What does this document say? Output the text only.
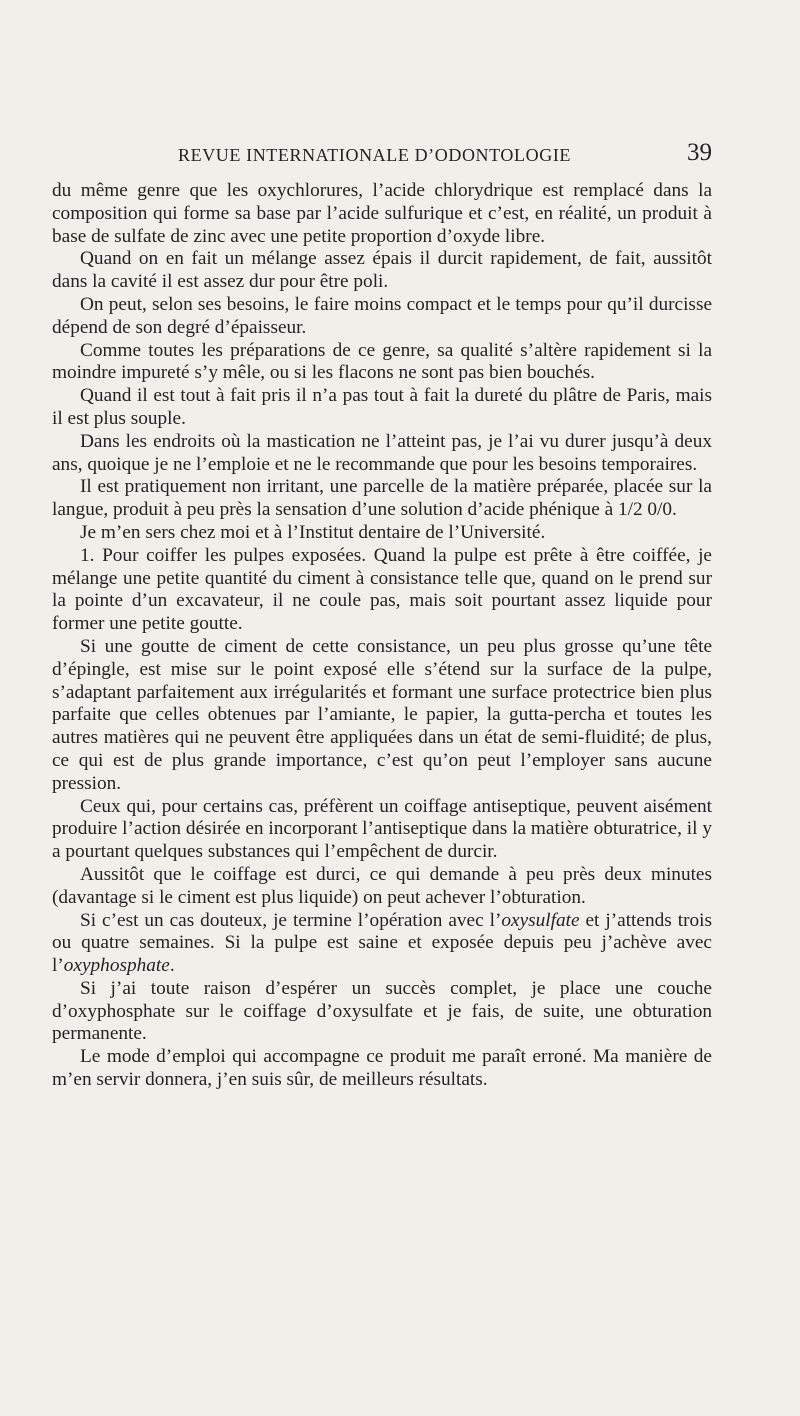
REVUE INTERNATIONALE D’ODONTOLOGIE	39

du même genre que les oxychlorures, l’acide chlorydrique est remplacé dans la composition qui forme sa base par l’acide sulfurique et c’est, en réalité, un produit à base de sulfate de zinc avec une petite proportion d’oxyde libre.

Quand on en fait un mélange assez épais il durcit rapidement, de fait, aussitôt dans la cavité il est assez dur pour être poli.

On peut, selon ses besoins, le faire moins compact et le temps pour qu’il durcisse dépend de son degré d’épaisseur.

Comme toutes les préparations de ce genre, sa qualité s’altère rapidement si la moindre impureté s’y mêle, ou si les flacons ne sont pas bien bouchés.

Quand il est tout à fait pris il n’a pas tout à fait la dureté du plâtre de Paris, mais il est plus souple.

Dans les endroits où la mastication ne l’atteint pas, je l’ai vu durer jusqu’à deux ans, quoique je ne l’emploie et ne le recommande que pour les besoins temporaires.

Il est pratiquement non irritant, une parcelle de la matière préparée, placée sur la langue, produit à peu près la sensation d’une solution d’acide phénique à 1/2 0/0.

Je m’en sers chez moi et à l’Institut dentaire de l’Université.

1. Pour coiffer les pulpes exposées. Quand la pulpe est prête à être coiffée, je mélange une petite quantité du ciment à consistance telle que, quand on le prend sur la pointe d’un excavateur, il ne coule pas, mais soit pourtant assez liquide pour former une petite goutte.

Si une goutte de ciment de cette consistance, un peu plus grosse qu’une tête d’épingle, est mise sur le point exposé elle s’étend sur la surface de la pulpe, s’adaptant parfaitement aux irrégularités et formant une surface protectrice bien plus parfaite que celles obtenues par l’amiante, le papier, la gutta-percha et toutes les autres matières qui ne peuvent être appliquées dans un état de semi-fluidité; de plus, ce qui est de plus grande importance, c’est qu’on peut l’employer sans aucune pression.

Ceux qui, pour certains cas, préfèrent un coiffage antiseptique, peuvent aisément produire l’action désirée en incorporant l’antiseptique dans la matière obturatrice, il y a pourtant quelques substances qui l’empêchent de durcir.

Aussitôt que le coiffage est durci, ce qui demande à peu près deux minutes (davantage si le ciment est plus liquide) on peut achever l’obturation.

Si c’est un cas douteux, je termine l’opération avec l’oxysulfate et j’attends trois ou quatre semaines. Si la pulpe est saine et exposée depuis peu j’achève avec l’oxyphosphate.

Si j’ai toute raison d’espérer un succès complet, je place une couche d’oxyphosphate sur le coiffage d’oxysulfate et je fais, de suite, une obturation permanente.

Le mode d’emploi qui accompagne ce produit me paraît erroné. Ma manière de m’en servir donnera, j’en suis sûr, de meilleurs résultats.
